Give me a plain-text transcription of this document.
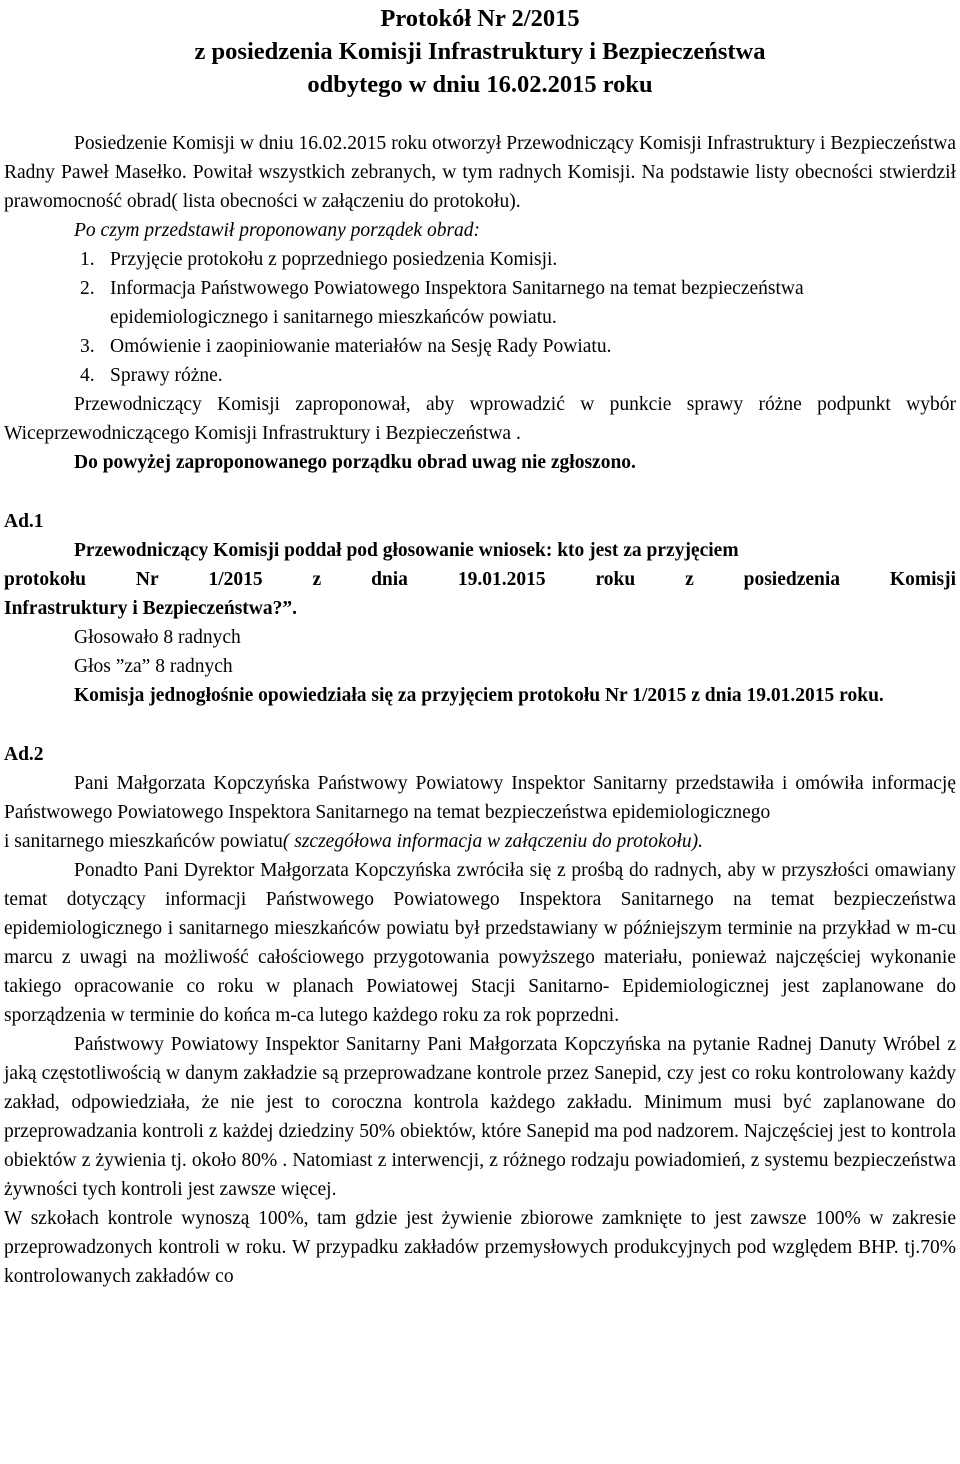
Protokół Nr 2/2015
z posiedzenia Komisji Infrastruktury i Bezpieczeństwa
odbytego w dniu 16.02.2015 roku

Posiedzenie Komisji w dniu 16.02.2015 roku otworzył Przewodniczący Komisji Infrastruktury i Bezpieczeństwa Radny Paweł Masełko. Powitał wszystkich zebranych, w tym radnych Komisji. Na podstawie listy obecności stwierdził prawomocność obrad( lista obecności w załączeniu do protokołu).

Po czym przedstawił proponowany porządek obrad:

1. Przyjęcie protokołu z poprzedniego posiedzenia Komisji.
2. Informacja Państwowego Powiatowego Inspektora Sanitarnego na temat bezpieczeństwa epidemiologicznego i sanitarnego mieszkańców powiatu.
3. Omówienie i zaopiniowanie materiałów na Sesję Rady Powiatu.
4. Sprawy różne.

Przewodniczący Komisji zaproponował, aby wprowadzić w punkcie sprawy różne podpunkt wybór Wiceprzewodniczącego Komisji Infrastruktury i Bezpieczeństwa .

Do powyżej zaproponowanego porządku obrad uwag nie zgłoszono.

Ad.1

Przewodniczący Komisji poddał pod głosowanie wniosek: kto jest za przyjęciem

protokołu	Nr	1/2015	z	dnia	19.01.2015	roku	z	posiedzenia	Komisji

Infrastruktury i Bezpieczeństwa?”.

Głosowało 8 radnych

Głos ”za” 8 radnych

Komisja jednogłośnie opowiedziała się za przyjęciem protokołu Nr 1/2015 z dnia 19.01.2015 roku.

Ad.2

Pani Małgorzata Kopczyńska Państwowy Powiatowy Inspektor Sanitarny przedstawiła i omówiła informację Państwowego Powiatowego Inspektora Sanitarnego na temat bezpieczeństwa epidemiologicznego
i sanitarnego mieszkańców powiatu( szczegółowa informacja w załączeniu do protokołu).

Ponadto Pani Dyrektor Małgorzata Kopczyńska zwróciła się z prośbą do radnych, aby w przyszłości omawiany temat dotyczący informacji Państwowego Powiatowego Inspektora Sanitarnego na temat bezpieczeństwa epidemiologicznego i sanitarnego mieszkańców powiatu był przedstawiany w późniejszym terminie na przykład w m-cu marcu z uwagi na możliwość całościowego przygotowania powyższego materiału, ponieważ najczęściej wykonanie takiego opracowanie co roku w planach Powiatowej Stacji Sanitarno- Epidemiologicznej jest zaplanowane do sporządzenia w terminie do końca m-ca lutego każdego roku za rok poprzedni.

Państwowy Powiatowy Inspektor Sanitarny Pani Małgorzata Kopczyńska na pytanie Radnej Danuty Wróbel z jaką częstotliwością w danym zakładzie są przeprowadzane kontrole przez Sanepid, czy jest co roku kontrolowany każdy zakład, odpowiedziała, że nie jest to coroczna kontrola każdego zakładu. Minimum musi być zaplanowane do przeprowadzania kontroli z każdej dziedziny 50% obiektów, które Sanepid ma pod nadzorem. Najczęściej jest to kontrola obiektów z żywienia tj. około 80% . Natomiast z interwencji, z różnego rodzaju powiadomień, z systemu bezpieczeństwa żywności tych kontroli jest zawsze więcej.

W szkołach kontrole wynoszą 100%, tam gdzie jest żywienie zbiorowe zamknięte to jest zawsze 100% w zakresie przeprowadzonych kontroli w roku. W przypadku zakładów przemysłowych produkcyjnych pod względem BHP. tj.70% kontrolowanych zakładów co
